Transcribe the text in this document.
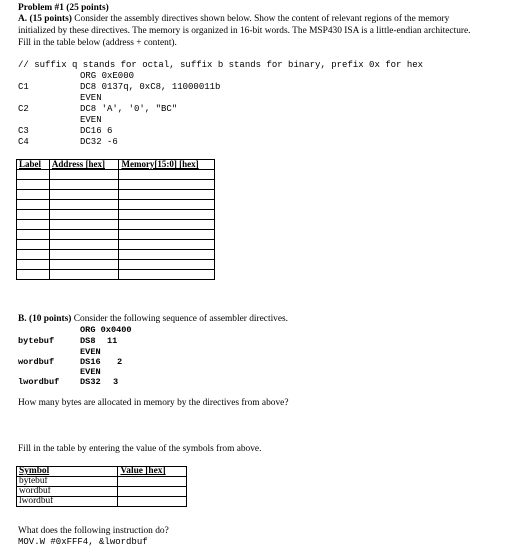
Problem #1 (25 points)
A. (15 points) Consider the assembly directives shown below. Show the content of relevant regions of the memory
initialized by these directives. The memory is organized in 16-bit words. The MSP430 ISA is a little-endian architecture.
Fill in the table below (address + content).
// suffix q stands for octal, suffix b stands for binary, prefix 0x for hex
ORG 0xE000
C1	DC8 0137q, 0xC8, 11000011b
EVEN
C2	DC8 'A', '0', "BC"
EVEN
C3	DC16 6
C4	DC32 -6
Label	Address [hex]	Memory[15:0] [hex]

B. (10 points) Consider the following sequence of assembler directives.
ORG 0x0400
bytebuf	DS8 11
EVEN
wordbuf	DS16 2
EVEN
lwordbuf DS32 3
How many bytes are allocated in memory by the directives from above?
Fill in the table by entering the value of the symbols from above.
Symbol	Value [hex]
bytebuf	
wordbuf	
lwordbuf	
What does the following instruction do?
MOV.W #0xFFF4, &lwordbuf
